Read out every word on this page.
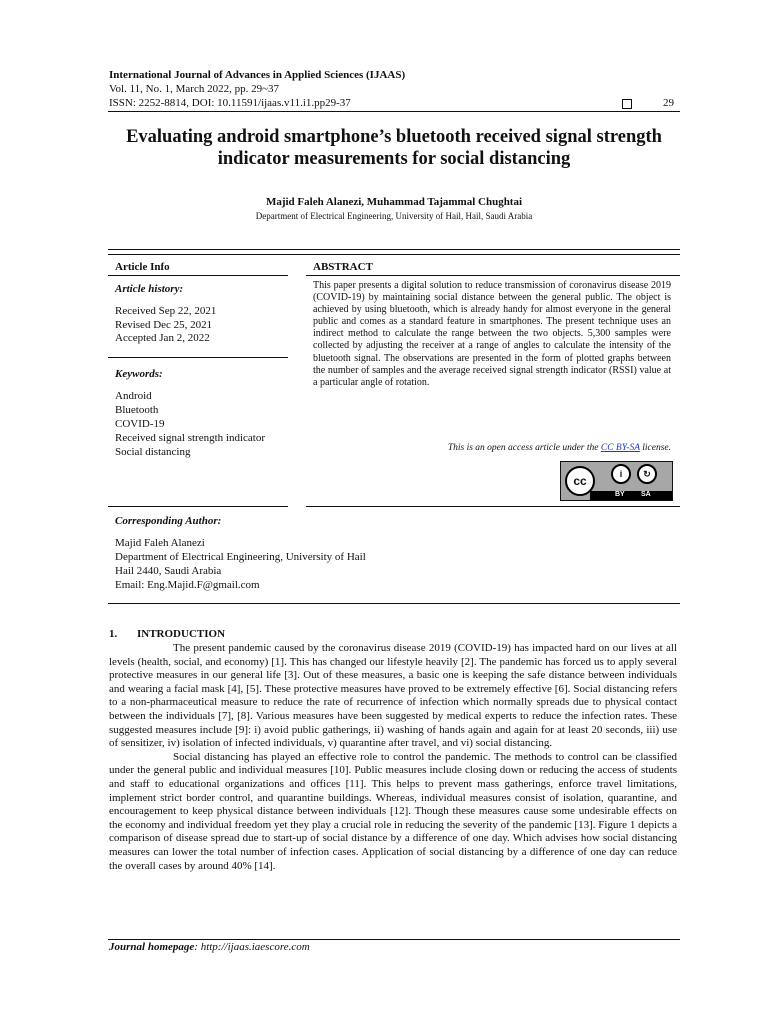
International Journal of Advances in Applied Sciences (IJAAS)
Vol. 11, No. 1, March 2022, pp. 29~37
ISSN: 2252-8814, DOI: 10.11591/ijaas.v11.i1.pp29-37	29
Evaluating android smartphone’s bluetooth received signal strength indicator measurements for social distancing
Majid Faleh Alanezi, Muhammad Tajammal Chughtai
Department of Electrical Engineering, University of Hail, Hail, Saudi Arabia
Article Info	ABSTRACT
Article history:
Received Sep 22, 2021
Revised Dec 25, 2021
Accepted Jan 2, 2022
Keywords:
Android
Bluetooth
COVID-19
Received signal strength indicator
Social distancing
This paper presents a digital solution to reduce transmission of coronavirus disease 2019 (COVID-19) by maintaining social distance between the general public. The object is achieved by using bluetooth, which is already handy for almost everyone in the general public and comes as a standard feature in smartphones. The present technique uses an indirect method to calculate the range between the two objects. 5,300 samples were collected by adjusting the receiver at a range of angles to calculate the intensity of the bluetooth signal. The observations are presented in the form of plotted graphs between the number of samples and the average received signal strength indicator (RSSI) value at a particular angle of rotation.
This is an open access article under the CC BY-SA license.
cc	i	↻
BY SA
Corresponding Author:
Majid Faleh Alanezi
Department of Electrical Engineering, University of Hail
Hail 2440, Saudi Arabia
Email: Eng.Majid.F@gmail.com
1. INTRODUCTION

The present pandemic caused by the coronavirus disease 2019 (COVID-19) has impacted hard on our lives at all levels (health, social, and economy) [1]. This has changed our lifestyle heavily [2]. The pandemic has forced us to apply several protective measures in our general life [3]. Out of these measures, a basic one is keeping the safe distance between individuals and wearing a facial mask [4], [5]. These protective measures have proved to be extremely effective [6]. Social distancing refers to a non-pharmaceutical measure to reduce the rate of recurrence of infection which normally spreads due to physical contact between the individuals [7], [8]. Various measures have been suggested by medical experts to reduce the infection rates. These suggested measures include [9]: i) avoid public gatherings, ii) washing of hands again and again for at least 20 seconds, iii) use of sensitizer, iv) isolation of infected individuals, v) quarantine after travel, and vi) social distancing.

Social distancing has played an effective role to control the pandemic. The methods to control can be classified under the general public and individual measures [10]. Public measures include closing down or reducing the access of students and staff to educational organizations and offices [11]. This helps to prevent mass gatherings, enforce travel limitations, implement strict border control, and quarantine buildings. Whereas, individual measures consist of isolation, quarantine, and encouragement to keep physical distance between individuals [12]. Though these measures cause some undesirable effects on the economy and individual freedom yet they play a crucial role in reducing the severity of the pandemic [13]. Figure 1 depicts a comparison of disease spread due to start-up of social distance by a difference of one day. Which advises how social distancing measures can lower the total number of infection cases. Application of social distancing by a difference of one day can reduce the overall cases by around 40% [14].

Journal homepage: http://ijaas.iaescore.com
